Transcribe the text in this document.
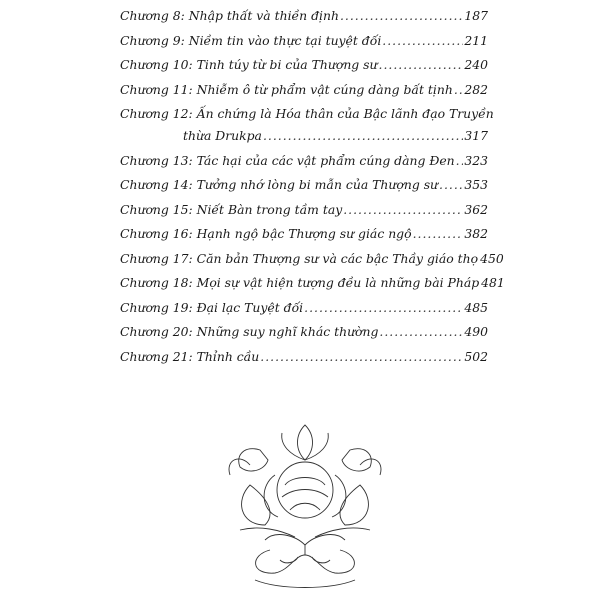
Chương 8: Nhập thất và thiền định .....	187
Chương 9: Niềm tin vào thực tại tuyệt đối .....	211
Chương 10: Tinh túy từ bi của Thượng sư .....	240
Chương 11: Nhiễm ô từ phẩm vật cúng dàng bất tịnh ..... 282
Chương 12: Ấn chứng là Hóa thân của Bậc lãnh đạo Truyền
thừa Drukpa .....	317
Chương 13: Tác hại của các vật phẩm cúng dàng Đen ..... 323
Chương 14: Tưởng nhớ lòng bi mẫn của Thượng sư ..... 353
Chương 15: Niết Bàn trong tầm tay .....	362
Chương 16: Hạnh ngộ bậc Thượng sư giác ngộ .....	382
Chương 17: Căn bản Thượng sư và các bậc Thầy giáo thọ 450
Chương 18: Mọi sự vật hiện tượng đều là những bài Pháp 481
Chương 19: Đại lạc Tuyệt đối .....	485
Chương 20: Những suy nghĩ khác thường .....	490
Chương 21: Thỉnh cầu .....	502
